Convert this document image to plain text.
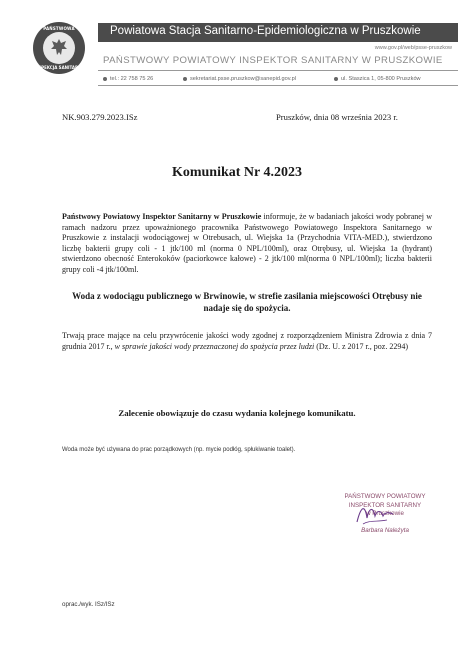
PAŃSTWOWA
INSPEKCJA SANITARNA
Powiatowa Stacja Sanitarno-Epidemiologiczna w Pruszkowie
www.gov.pl/web/psse-pruszkow
PAŃSTWOWY POWIATOWY INSPEKTOR SANITARNY W PRUSZKOWIE
tel.: 22 758 75 26	sekretariat.psse.pruszkow@sanepid.gov.pl	ul. Staszica 1, 05-800 Pruszków
NK.903.279.2023.ISz	Pruszków, dnia 08 września 2023 r.
Komunikat Nr 4.2023
Państwowy Powiatowy Inspektor Sanitarny w Pruszkowie informuje, że w badaniach jakości wody pobranej w ramach nadzoru przez upoważnionego pracownika Państwowego Powiatowego Inspektora Sanitarnego w Pruszkowie z instalacji wodociągowej w Otrebusach, ul. Wiejska 1a (Przychodnia VITA-MED.), stwierdzono liczbę bakterii grupy coli - 1 jtk/100 ml (norma 0 NPL/100ml), oraz Otrębusy, ul. Wiejska 1a (hydrant) stwierdzono obecność Enterokoków (paciorkowce kałowe) - 2 jtk/100 ml(norma 0 NPL/100ml); liczba bakterii grupy coli -4 jtk/100ml.
Woda z wodociągu publicznego w Brwinowie, w strefie zasilania miejscowości Otrębusy nie nadaje się do spożycia.
Trwają prace mające na celu przywrócenie jakości wody zgodnej z rozporządzeniem Ministra Zdrowia z dnia 7 grudnia 2017 r., w sprawie jakości wody przeznaczonej do spożycia przez ludzi (Dz. U. z 2017 r., poz. 2294)
Zalecenie obowiązuje do czasu wydania kolejnego komunikatu.
Woda może być używana do prac porządkowych (np. mycie podłóg, spłukiwanie toalet).
PAŃSTWOWY POWIATOWY
INSPEKTOR SANITARNY
w Pruszkowie
Barbara Należyta
oprac./wyk. ISz/ISz
